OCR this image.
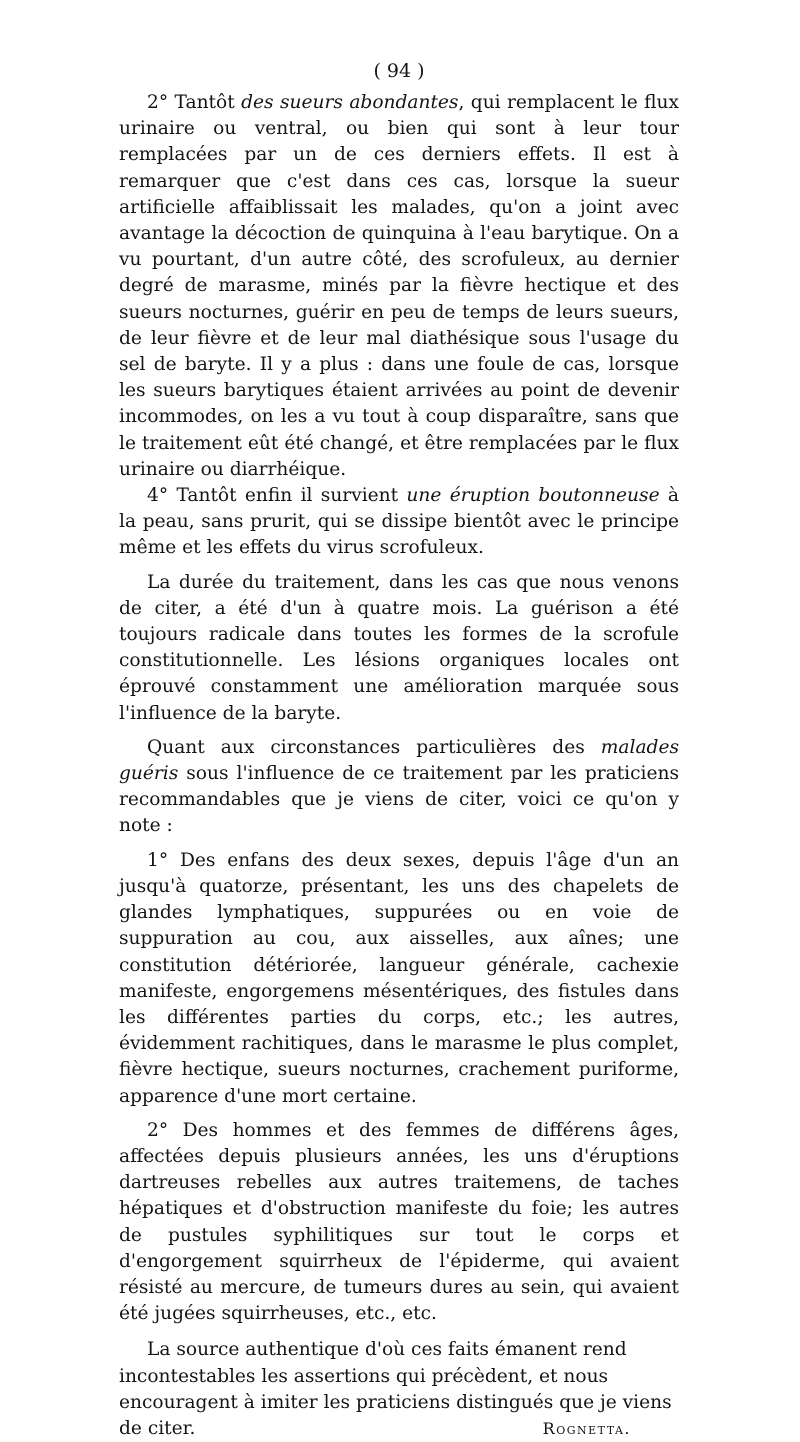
( 94 )

2° Tantôt des sueurs abondantes, qui remplacent le flux urinaire ou ventral, ou bien qui sont à leur tour remplacées par un de ces derniers effets. Il est à remarquer que c'est dans ces cas, lorsque la sueur artificielle affaiblissait les malades, qu'on a joint avec avantage la décoction de quinquina à l'eau barytique. On a vu pourtant, d'un autre côté, des scrofuleux, au dernier degré de marasme, minés par la fièvre hectique et des sueurs nocturnes, guérir en peu de temps de leurs sueurs, de leur fièvre et de leur mal diathésique sous l'usage du sel de baryte. Il y a plus : dans une foule de cas, lorsque les sueurs barytiques étaient arrivées au point de devenir incommodes, on les a vu tout à coup disparaître, sans que le traitement eût été changé, et être remplacées par le flux urinaire ou diarrhéique.

4° Tantôt enfin il survient une éruption boutonneuse à la peau, sans prurit, qui se dissipe bientôt avec le principe même et les effets du virus scrofuleux.

La durée du traitement, dans les cas que nous venons de citer, a été d'un à quatre mois. La guérison a été toujours radicale dans toutes les formes de la scrofule constitutionnelle. Les lésions organiques locales ont éprouvé constamment une amélioration marquée sous l'influence de la baryte.

Quant aux circonstances particulières des malades guéris sous l'influence de ce traitement par les praticiens recommandables que je viens de citer, voici ce qu'on y note :

1° Des enfans des deux sexes, depuis l'âge d'un an jusqu'à quatorze, présentant, les uns des chapelets de glandes lymphatiques, suppurées ou en voie de suppuration au cou, aux aisselles, aux aînes; une constitution détériorée, langueur générale, cachexie manifeste, engorgemens mésentériques, des fistules dans les différentes parties du corps, etc.; les autres, évidemment rachitiques, dans le marasme le plus complet, fièvre hectique, sueurs nocturnes, crachement puriforme, apparence d'une mort certaine.

2° Des hommes et des femmes de différens âges, affectées depuis plusieurs années, les uns d'éruptions dartreuses rebelles aux autres traitemens, de taches hépatiques et d'obstruction manifeste du foie; les autres de pustules syphilitiques sur tout le corps et d'engorgement squirrheux de l'épiderme, qui avaient résisté au mercure, de tumeurs dures au sein, qui avaient été jugées squirrheuses, etc., etc.

La source authentique d'où ces faits émanent rend incontestables les assertions qui précèdent, et nous encouragent à imiter les praticiens distingués que je viens de citer.	Rognetta.
